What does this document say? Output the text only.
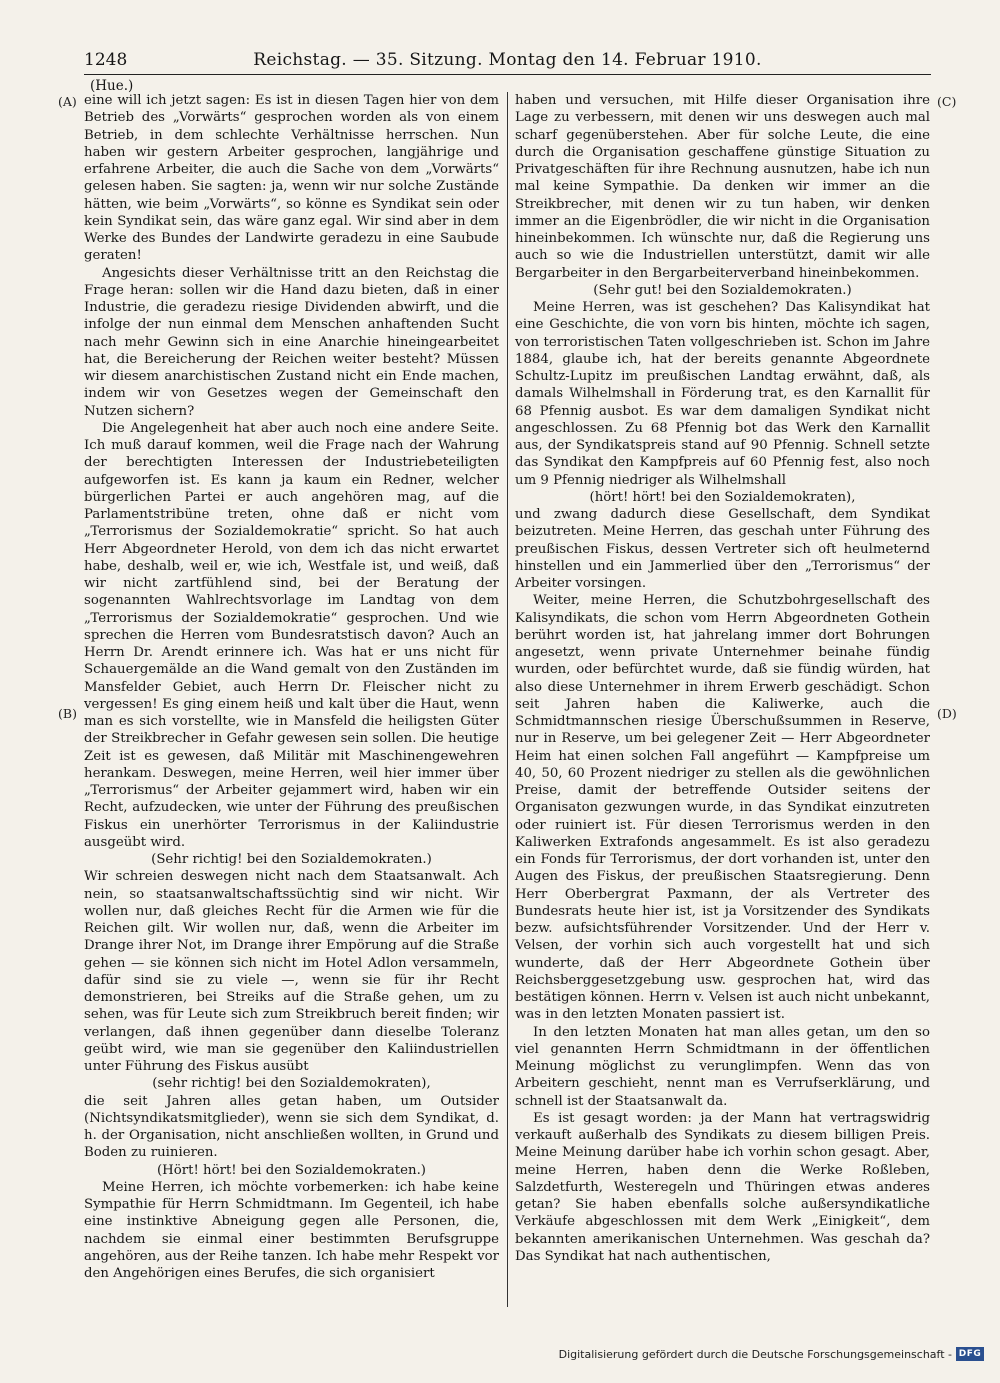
1248	Reichstag. — 35. Sitzung. Montag den 14. Februar 1910.
(Hue.)
(A)
(B)
(C)
(D)

eine will ich jetzt sagen: Es ist in diesen Tagen hier von dem Betrieb des „Vorwärts“ gesprochen worden als von einem Betrieb, in dem schlechte Verhältnisse herrschen. Nun haben wir gestern Arbeiter gesprochen, langjährige und erfahrene Arbeiter, die auch die Sache von dem „Vorwärts“ gelesen haben. Sie sagten: ja, wenn wir nur solche Zustände hätten, wie beim „Vorwärts“, so könne es Syndikat sein oder kein Syndikat sein, das wäre ganz egal. Wir sind aber in dem Werke des Bundes der Landwirte geradezu in eine Saubude geraten!

Angesichts dieser Verhältnisse tritt an den Reichstag die Frage heran: sollen wir die Hand dazu bieten, daß in einer Industrie, die geradezu riesige Dividenden abwirft, und die infolge der nun einmal dem Menschen anhaftenden Sucht nach mehr Gewinn sich in eine Anarchie hineingearbeitet hat, die Bereicherung der Reichen weiter besteht? Müssen wir diesem anarchistischen Zustand nicht ein Ende machen, indem wir von Gesetzes wegen der Gemeinschaft den Nutzen sichern?

Die Angelegenheit hat aber auch noch eine andere Seite. Ich muß darauf kommen, weil die Frage nach der Wahrung der berechtigten Interessen der Industriebeteiligten aufgeworfen ist. Es kann ja kaum ein Redner, welcher bürgerlichen Partei er auch angehören mag, auf die Parlamentstribüne treten, ohne daß er nicht vom „Terrorismus der Sozialdemokratie“ spricht. So hat auch Herr Abgeordneter Herold, von dem ich das nicht erwartet habe, deshalb, weil er, wie ich, Westfale ist, und weiß, daß wir nicht zartfühlend sind, bei der Beratung der sogenannten Wahlrechtsvorlage im Landtag von dem „Terrorismus der Sozialdemokratie“ gesprochen. Und wie sprechen die Herren vom Bundesratstisch davon? Auch an Herrn Dr. Arendt erinnere ich. Was hat er uns nicht für Schauergemälde an die Wand gemalt von den Zuständen im Mansfelder Gebiet, auch Herrn Dr. Fleischer nicht zu vergessen! Es ging einem heiß und kalt über die Haut, wenn man es sich vorstellte, wie in Mansfeld die heiligsten Güter der Streikbrecher in Gefahr gewesen sein sollen. Die heutige Zeit ist es gewesen, daß Militär mit Maschinengewehren herankam. Deswegen, meine Herren, weil hier immer über „Terrorismus“ der Arbeiter gejammert wird, haben wir ein Recht, aufzudecken, wie unter der Führung des preußischen Fiskus ein unerhörter Terrorismus in der Kaliindustrie ausgeübt wird.

(Sehr richtig! bei den Sozialdemokraten.)

Wir schreien deswegen nicht nach dem Staatsanwalt. Ach nein, so staatsanwaltschaftssüchtig sind wir nicht. Wir wollen nur, daß gleiches Recht für die Armen wie für die Reichen gilt. Wir wollen nur, daß, wenn die Arbeiter im Drange ihrer Not, im Drange ihrer Empörung auf die Straße gehen — sie können sich nicht im Hotel Adlon versammeln, dafür sind sie zu viele —, wenn sie für ihr Recht demonstrieren, bei Streiks auf die Straße gehen, um zu sehen, was für Leute sich zum Streikbruch bereit finden; wir verlangen, daß ihnen gegenüber dann dieselbe Toleranz geübt wird, wie man sie gegenüber den Kaliindustriellen unter Führung des Fiskus ausübt

(sehr richtig! bei den Sozialdemokraten),

die seit Jahren alles getan haben, um Outsider (Nichtsyndikatsmitglieder), wenn sie sich dem Syndikat, d. h. der Organisation, nicht anschließen wollten, in Grund und Boden zu ruinieren.

(Hört! hört! bei den Sozialdemokraten.)

Meine Herren, ich möchte vorbemerken: ich habe keine Sympathie für Herrn Schmidtmann. Im Gegenteil, ich habe eine instinktive Abneigung gegen alle Personen, die, nachdem sie einmal einer bestimmten Berufsgruppe angehören, aus der Reihe tanzen. Ich habe mehr Respekt vor den Angehörigen eines Berufes, die sich organisiert

haben und versuchen, mit Hilfe dieser Organisation ihre Lage zu verbessern, mit denen wir uns deswegen auch mal scharf gegenüberstehen. Aber für solche Leute, die eine durch die Organisation geschaffene günstige Situation zu Privatgeschäften für ihre Rechnung ausnutzen, habe ich nun mal keine Sympathie. Da denken wir immer an die Streikbrecher, mit denen wir zu tun haben, wir denken immer an die Eigenbrödler, die wir nicht in die Organisation hineinbekommen. Ich wünschte nur, daß die Regierung uns auch so wie die Industriellen unterstützt, damit wir alle Bergarbeiter in den Bergarbeiterverband hineinbekommen.

(Sehr gut! bei den Sozialdemokraten.)

Meine Herren, was ist geschehen? Das Kalisyndikat hat eine Geschichte, die von vorn bis hinten, möchte ich sagen, von terroristischen Taten vollgeschrieben ist. Schon im Jahre 1884, glaube ich, hat der bereits genannte Abgeordnete Schultz-Lupitz im preußischen Landtag erwähnt, daß, als damals Wilhelmshall in Förderung trat, es den Karnallit für 68 Pfennig ausbot. Es war dem damaligen Syndikat nicht angeschlossen. Zu 68 Pfennig bot das Werk den Karnallit aus, der Syndikatspreis stand auf 90 Pfennig. Schnell setzte das Syndikat den Kampfpreis auf 60 Pfennig fest, also noch um 9 Pfennig niedriger als Wilhelmshall

(hört! hört! bei den Sozialdemokraten),

und zwang dadurch diese Gesellschaft, dem Syndikat beizutreten. Meine Herren, das geschah unter Führung des preußischen Fiskus, dessen Vertreter sich oft heulmeternd hinstellen und ein Jammerlied über den „Terrorismus“ der Arbeiter vorsingen.

Weiter, meine Herren, die Schutzbohrgesellschaft des Kalisyndikats, die schon vom Herrn Abgeordneten Gothein berührt worden ist, hat jahrelang immer dort Bohrungen angesetzt, wenn private Unternehmer beinahe fündig wurden, oder befürchtet wurde, daß sie fündig würden, hat also diese Unternehmer in ihrem Erwerb geschädigt. Schon seit Jahren haben die Kaliwerke, auch die Schmidtmannschen riesige Überschußsummen in Reserve, nur in Reserve, um bei gelegener Zeit — Herr Abgeordneter Heim hat einen solchen Fall angeführt — Kampfpreise um 40, 50, 60 Prozent niedriger zu stellen als die gewöhnlichen Preise, damit der betreffende Outsider seitens der Organisaton gezwungen wurde, in das Syndikat einzutreten oder ruiniert ist. Für diesen Terrorismus werden in den Kaliwerken Extrafonds angesammelt. Es ist also geradezu ein Fonds für Terrorismus, der dort vorhanden ist, unter den Augen des Fiskus, der preußischen Staatsregierung. Denn Herr Oberbergrat Paxmann, der als Vertreter des Bundesrats heute hier ist, ist ja Vorsitzender des Syndikats bezw. aufsichtsführender Vorsitzender. Und der Herr v. Velsen, der vorhin sich auch vorgestellt hat und sich wunderte, daß der Herr Abgeordnete Gothein über Reichsberggesetzgebung usw. gesprochen hat, wird das bestätigen können. Herrn v. Velsen ist auch nicht unbekannt, was in den letzten Monaten passiert ist.

In den letzten Monaten hat man alles getan, um den so viel genannten Herrn Schmidtmann in der öffentlichen Meinung möglichst zu verunglimpfen. Wenn das von Arbeitern geschieht, nennt man es Verrufserklärung, und schnell ist der Staatsanwalt da.

Es ist gesagt worden: ja der Mann hat vertragswidrig verkauft außerhalb des Syndikats zu diesem billigen Preis. Meine Meinung darüber habe ich vorhin schon gesagt. Aber, meine Herren, haben denn die Werke Roßleben, Salzdetfurth, Westeregeln und Thüringen etwas anderes getan? Sie haben ebenfalls solche außersyndikatliche Verkäufe abgeschlossen mit dem Werk „Einigkeit“, dem bekannten amerikanischen Unternehmen. Was geschah da? Das Syndikat hat nach authentischen,

Digitalisierung gefördert durch die Deutsche Forschungsgemeinschaft - DFG
